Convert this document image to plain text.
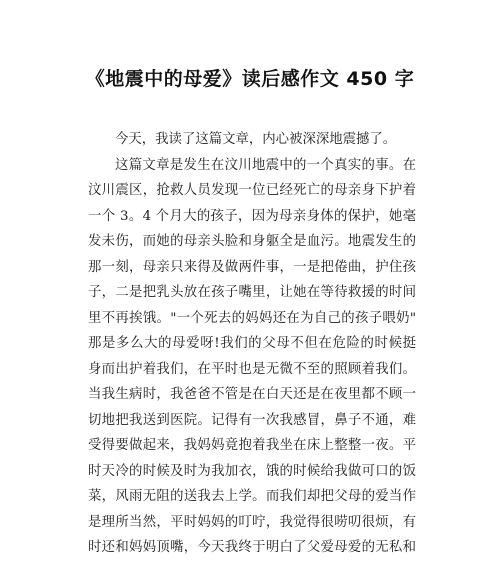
《地震中的母爱》读后感作文 450 字
今天，我读了这篇文章，内心被深深地震撼了。
这篇文章是发生在汶川地震中的一个真实的事。在
汶川震区，抢救人员发现一位已经死亡的母亲身下护着
一个 3。4 个月大的孩子，因为母亲身体的保护，她毫
发未伤，而她的母亲头脸和身躯全是血污。地震发生的
那一刻，母亲只来得及做两件事，一是把倦曲，护住孩
子，二是把乳头放在孩子嘴里，让她在等待救援的时间
里不再挨饿。"一个死去的妈妈还在为自己的孩子喂奶"
那是多么大的母爱呀!我们的父母不但在危险的时候挺
身而出护着我们，在平时也是无微不至的照顾着我们。
当我生病时，我爸爸不管是在白天还是在夜里都不顾一
切地把我送到医院。记得有一次我感冒，鼻子不通，难
受得要做起来，我妈妈竟抱着我坐在床上整整一夜。平
时天冷的时候及时为我加衣，饿的时候给我做可口的饭
菜，风雨无阻的送我去上学。而我们却把父母的爱当作
是理所当然，平时妈妈的叮咛，我觉得很唠叨很烦，有
时还和妈妈顶嘴，今天我终于明白了父爱母爱的无私和
